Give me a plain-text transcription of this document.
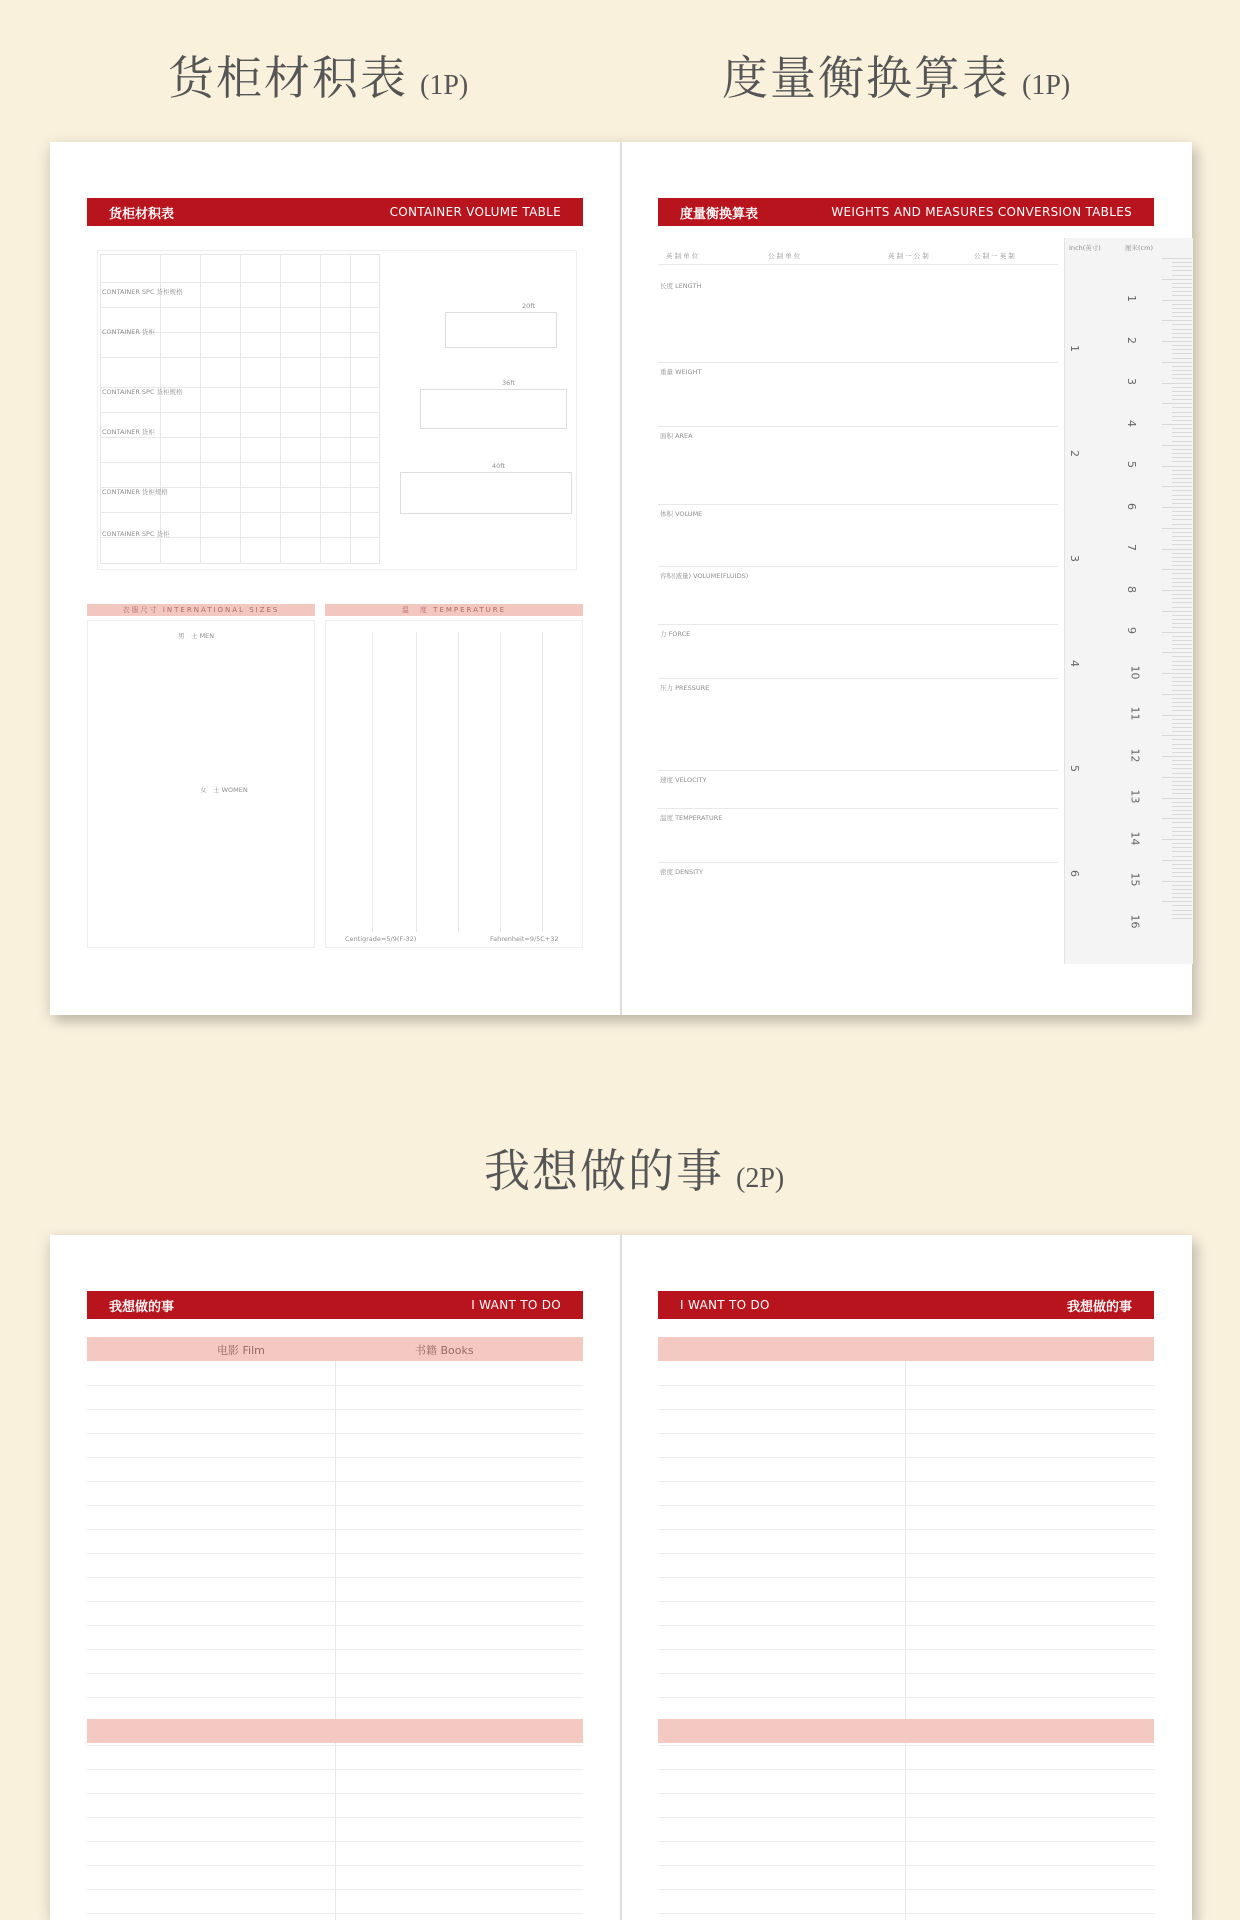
货柜材积表 (1P)	度量衡换算表 (1P)
货柜材积表	CONTAINER VOLUME TABLE
CONTAINER SPC 货柜规格
CONTAINER 货柜
CONTAINER SPC 货柜规格
CONTAINER 货柜
CONTAINER 货柜规格
CONTAINER SPC 货柜
20ft
36ft
40ft
衣服尺寸 INTERNATIONAL SIZES	温　度 TEMPERATURE
男　士 MEN
女　士 WOMEN
Centigrade=5/9(F-32)	Fahrenheit=9/5C+32
度量衡换算表	WEIGHTS AND MEASURES CONVERSION TABLES
英 制 单 位	公 制 单 位	英 制 一 公 制	公 制 一 英 制
长度 LENGTH
重量 WEIGHT
面积 AREA
体积 VOLUME
容积(液量) VOLUME(FLUIDS)
力 FORCE
压力 PRESSURE
速度 VELOCITY
温度 TEMPERATURE
密度 DENSITY
Inch(英寸)	厘米(cm)
1
2
3
4
5
6
1
2
3
4
5
6
7
8
9
10
11
12
13
14
15
16
我想做的事 (2P)
我想做的事	I WANT TO DO
电影 Film	书籍 Books
I WANT TO DO	我想做的事
